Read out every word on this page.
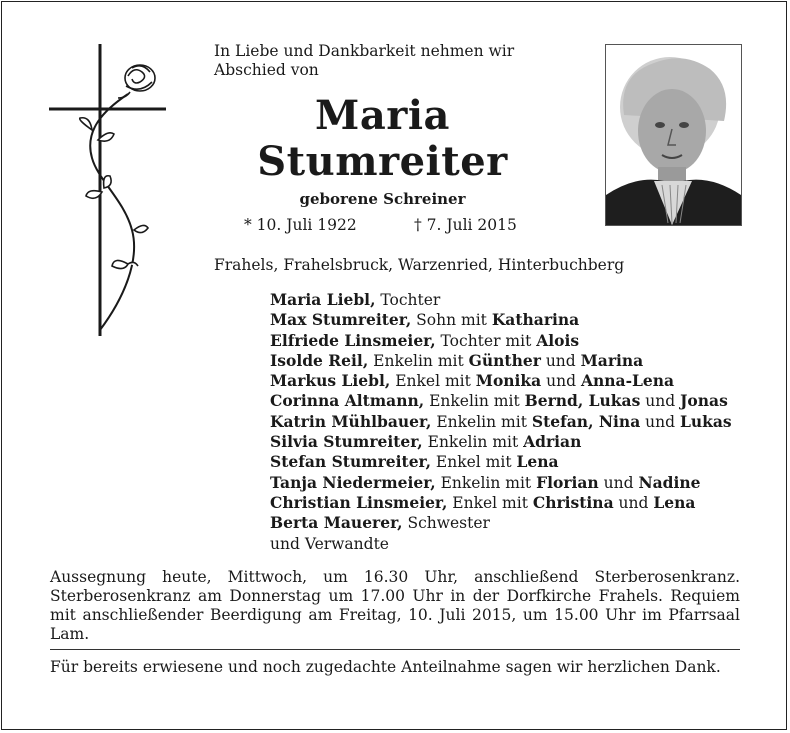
In Liebe und Dankbarkeit nehmen wir
Abschied von
Maria
Stumreiter
geborene Schreiner
* 10. Juli 1922	† 7. Juli 2015
Frahels, Frahelsbruck, Warzenried, Hinterbuchberg
Maria Liebl, Tochter
Max Stumreiter, Sohn mit Katharina
Elfriede Linsmeier, Tochter mit Alois
Isolde Reil, Enkelin mit Günther und Marina
Markus Liebl, Enkel mit Monika und Anna-Lena
Corinna Altmann, Enkelin mit Bernd, Lukas und Jonas
Katrin Mühlbauer, Enkelin mit Stefan, Nina und Lukas
Silvia Stumreiter, Enkelin mit Adrian
Stefan Stumreiter, Enkel mit Lena
Tanja Niedermeier, Enkelin mit Florian und Nadine
Christian Linsmeier, Enkel mit Christina und Lena
Berta Mauerer, Schwester
und Verwandte
Aussegnung heute, Mittwoch, um 16.30 Uhr, anschließend Sterberosenkranz. Sterberosenkranz am Donnerstag um 17.00 Uhr in der Dorfkirche Frahels. Requiem mit anschließender Beerdigung am Freitag, 10. Juli 2015, um 15.00 Uhr im Pfarrsaal Lam.
Für bereits erwiesene und noch zugedachte Anteilnahme sagen wir herzlichen Dank.
